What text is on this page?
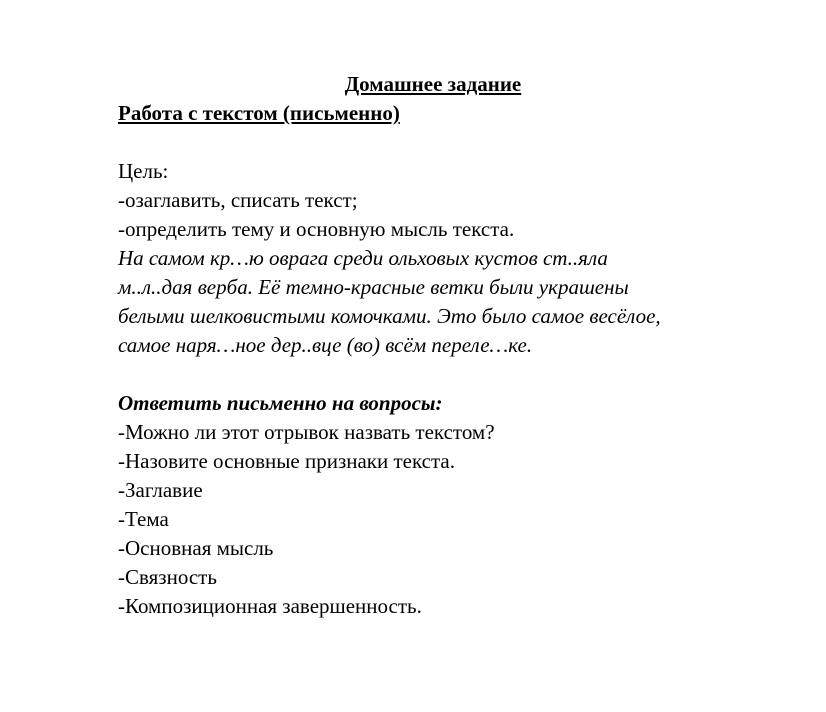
Домашнее задание
Работа с текстом (письменно)
Цель:
-озаглавить, списать текст;
-определить тему и основную мысль текста.
На самом кр…ю оврага среди ольховых кустов ст..яла
м..л..дая верба. Её темно-красные ветки были украшены
белыми шелковистыми комочками. Это было самое весёлое,
самое наря…ное дер..вце (во) всём переле…ке.
Ответить письменно на вопросы:
-Можно ли этот отрывок назвать текстом?
-Назовите основные признаки текста.
-Заглавие
-Тема
-Основная мысль
-Связность
-Композиционная завершенность.
